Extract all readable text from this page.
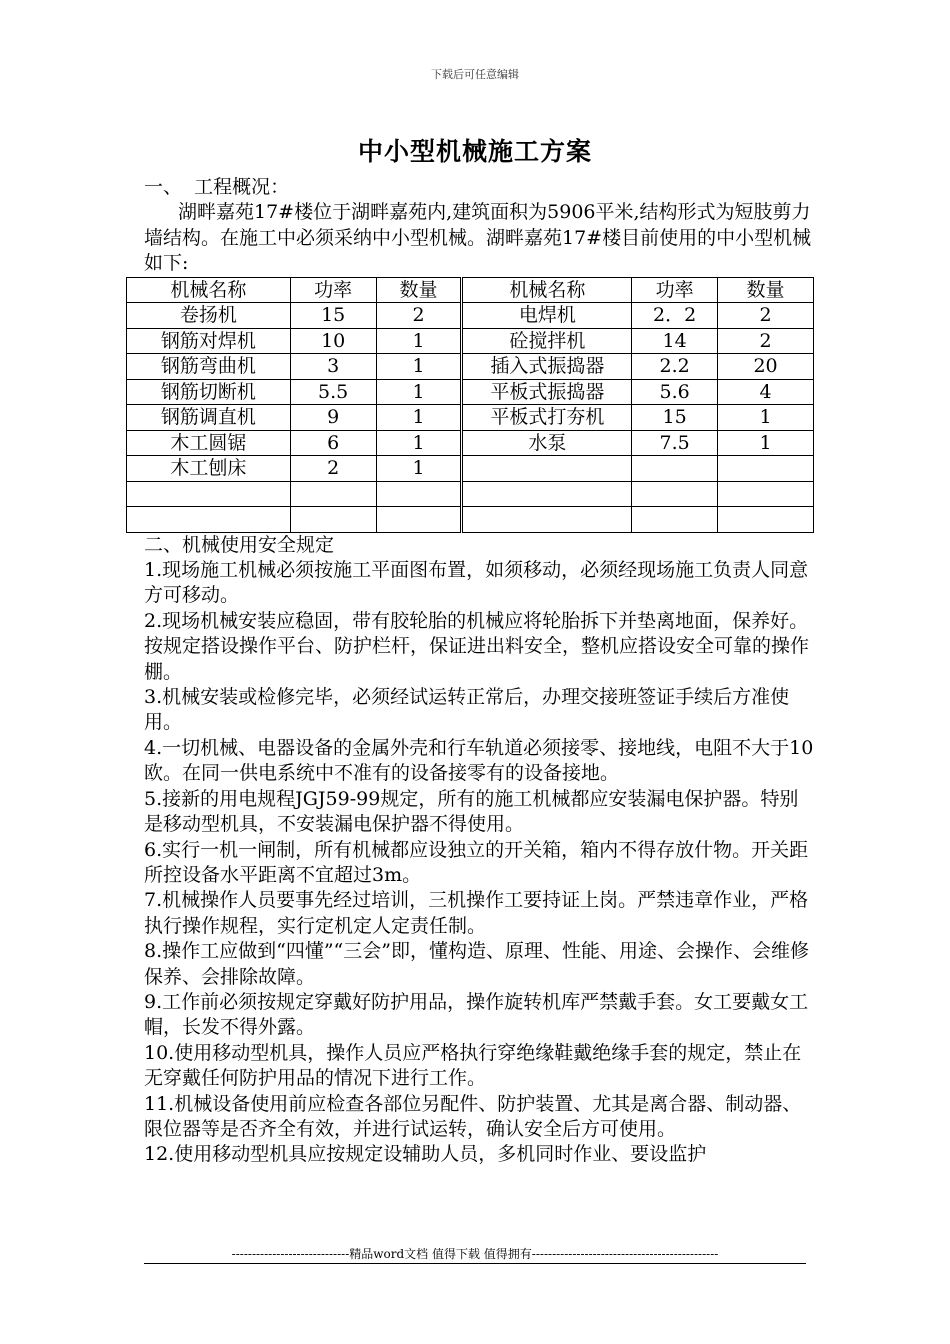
下载后可任意编辑
中小型机械施工方案
一、  工程概况：
湖畔嘉苑17#楼位于湖畔嘉苑内,建筑面积为5906平米,结构形式为短肢剪力墙结构。在施工中必须采纳中小型机械。湖畔嘉苑17#楼目前使用的中小型机械如下:
机械名称	功率	数量	机械名称	功率	数量
卷扬机	15	2	电焊机	2．2	2
钢筋对焊机	10	1	砼搅拌机	14	2
钢筋弯曲机	3	1	插入式振捣器	2.2	20
钢筋切断机	5.5	1	平板式振捣器	5.6	4
钢筋调直机	9	1	平板式打夯机	15	1
木工圆锯	6	1	水泵	7.5	1
木工刨床	2	1			

二、机械使用安全规定
1.现场施工机械必须按施工平面图布置，如须移动，必须经现场施工负责人同意方可移动。
2.现场机械安装应稳固，带有胶轮胎的机械应将轮胎拆下并垫离地面，保养好。按规定搭设操作平台、防护栏杆，保证进出料安全，整机应搭设安全可靠的操作棚。
3.机械安装或检修完毕，必须经试运转正常后，办理交接班签证手续后方准使用。
4.一切机械、电器设备的金属外壳和行车轨道必须接零、接地线，电阻不大于10欧。在同一供电系统中不准有的设备接零有的设备接地。
5.接新的用电规程JGJ59-99规定，所有的施工机械都应安装漏电保护器。特别是移动型机具，不安装漏电保护器不得使用。
6.实行一机一闸制，所有机械都应设独立的开关箱，箱内不得存放什物。开关距所控设备水平距离不宜超过3m。
7.机械操作人员要事先经过培训，三机操作工要持证上岗。严禁违章作业，严格执行操作规程，实行定机定人定责任制。
8.操作工应做到“四懂”“三会”即，懂构造、原理、性能、用途、会操作、会维修保养、会排除故障。
9.工作前必须按规定穿戴好防护用品，操作旋转机库严禁戴手套。女工要戴女工帽，长发不得外露。
10.使用移动型机具，操作人员应严格执行穿绝缘鞋戴绝缘手套的规定，禁止在无穿戴任何防护用品的情况下进行工作。
11.机械设备使用前应检查各部位另配件、防护装置、尤其是离合器、制动器、限位器等是否齐全有效，并进行试运转，确认安全后方可使用。
12.使用移动型机具应按规定设辅助人员，多机同时作业、要设监护
-----------------------------精品word文档 值得下载 值得拥有----------------------------------------------
